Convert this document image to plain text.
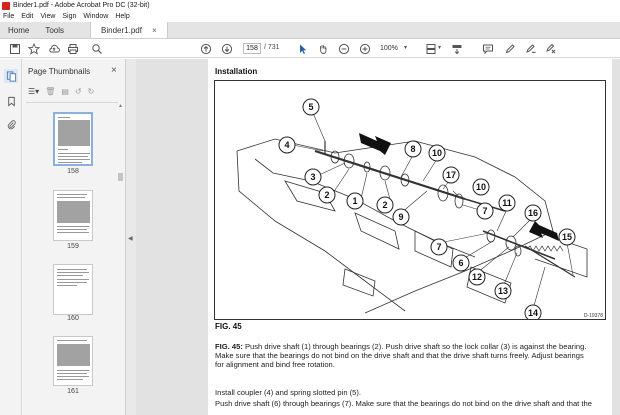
Binder1.pdf - Adobe Acrobat Pro DC (32-bit)
File Edit View Sign Window Help
Home	Tools	Binder1.pdf ×
158 / 731	100%	▾	▾
Page Thumbnails ×
☰▾ 🗑 ▤ ↺ ↻
▲
158
159
160
161
◀
Installation
5
4
3
2
1	2
8 10
17
9
10
7
11
16
7
6
12
13
14
15
D-19378
FIG. 45
FIG. 45: Push drive shaft (1) through bearings (2). Push drive shaft so the lock collar (3) is against the bearing. Make sure that the bearings do not bind on the drive shaft and that the drive shaft turns freely. Adjust bearings for alignment and bind free rotation.
Install coupler (4) and spring slotted pin (5).
Push drive shaft (6) through bearings (7). Make sure that the bearings do not bind on the drive shaft and that the
